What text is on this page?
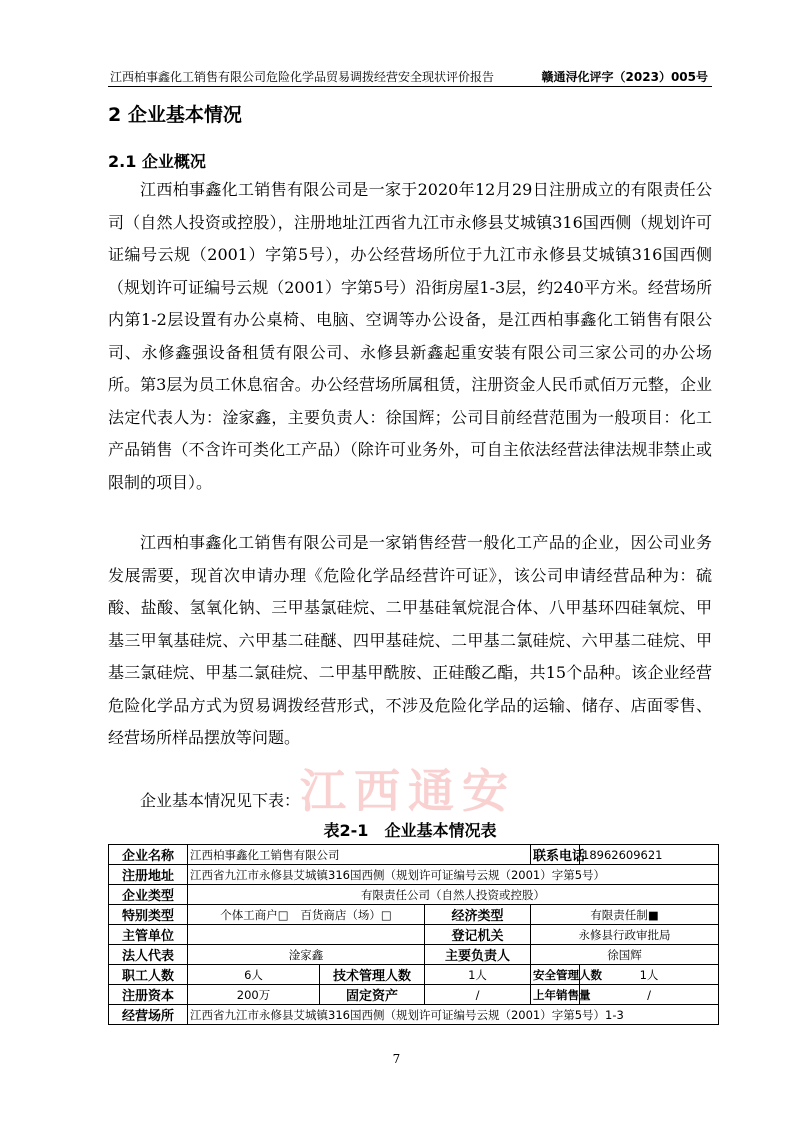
江西柏事鑫化工销售有限公司危险化学品贸易调拨经营安全现状评价报告	赣通浔化评字（2023）005号
2 企业基本情况
2.1 企业概况

江西柏事鑫化工销售有限公司是一家于2020年12月29日注册成立的有限责任公司（自然人投资或控股），注册地址江西省九江市永修县艾城镇316国西侧（规划许可证编号云规（2001）字第5号），办公经营场所位于九江市永修县艾城镇316国西侧（规划许可证编号云规（2001）字第5号）沿街房屋1-3层，约240平方米。经营场所内第1-2层设置有办公桌椅、电脑、空调等办公设备，是江西柏事鑫化工销售有限公司、永修鑫强设备租赁有限公司、永修县新鑫起重安装有限公司三家公司的办公场所。第3层为员工休息宿舍。办公经营场所属租赁，注册资金人民币贰佰万元整，企业法定代表人为：淦家鑫，主要负责人：徐国辉；公司目前经营范围为一般项目：化工产品销售（不含许可类化工产品）（除许可业务外，可自主依法经营法律法规非禁止或限制的项目）。

江西柏事鑫化工销售有限公司是一家销售经营一般化工产品的企业，因公司业务发展需要，现首次申请办理《危险化学品经营许可证》，该公司申请经营品种为：硫酸、盐酸、氢氧化钠、三甲基氯硅烷、二甲基硅氧烷混合体、八甲基环四硅氧烷、甲基三甲氧基硅烷、六甲基二硅醚、四甲基硅烷、二甲基二氯硅烷、六甲基二硅烷、甲基三氯硅烷、甲基二氯硅烷、二甲基甲酰胺、正硅酸乙酯，共15个品种。该企业经营危险化学品方式为贸易调拨经营形式，不涉及危险化学品的运输、储存、店面零售、经营场所样品摆放等问题。

企业基本情况见下表： 江西通安
表2-1　企业基本情况表
企业名称	江西柏事鑫化工销售有限公司			联系电话	18962609621
注册地址	江西省九江市永修县艾城镇316国西侧（规划许可证编号云规（2001）字第5号）				
企业类型	有限责任公司（自然人投资或控股）				
特别类型	个体工商户□ 百货商店（场）□		经济类型	有限责任制■	
主管单位			登记机关	永修县行政审批局	
法人代表	淦家鑫		主要负责人	徐国辉	
职工人数	6人	技术管理人数	1人	安全管理人数	1人
注册资本	200万	固定资产	/	上年销售量	/
经营场所	江西省九江市永修县艾城镇316国西侧（规划许可证编号云规（2001）字第5号）1-3				
7
